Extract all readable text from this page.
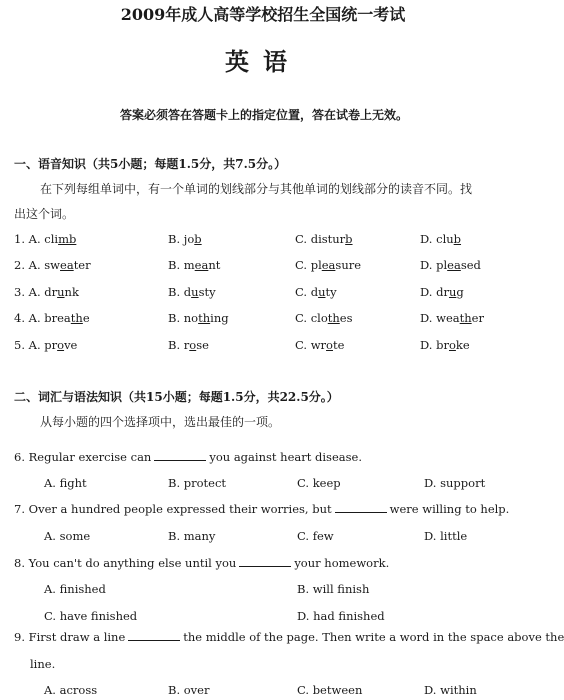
2009年成人高等学校招生全国统一考试
英语
答案必须答在答题卡上的指定位置，答在试卷上无效。
一、语音知识（共5小题；每题1.5分，共7.5分。）
在下列每组单词中，有一个单词的划线部分与其他单词的划线部分的读音不同。找
出这个词。
1. A. climb	B. job	C. disturb	D. club
2. A. sweater	B. meant	C. pleasure	D. pleased
3. A. drunk	B. dusty	C. duty	D. drug
4. A. breathe	B. nothing	C. clothes	D. weather
5. A. prove	B. rose	C. wrote	D. broke
二、词汇与语法知识（共15小题；每题1.5分，共22.5分。）
从每小题的四个选择项中，选出最佳的一项。
6. Regular exercise can	you against heart disease.
A. fight	B. protect	C. keep	D. support
7. Over a hundred people expressed their worries, but	were willing to help.
A. some	B. many	C. few	D. little
8. You can't do anything else until you	your homework.
A. finished	B. will finish
C. have finished	D. had finished
9. First draw a line	the middle of the page. Then write a word in the space above the
line.
A. across	B. over	C. between	D. within
